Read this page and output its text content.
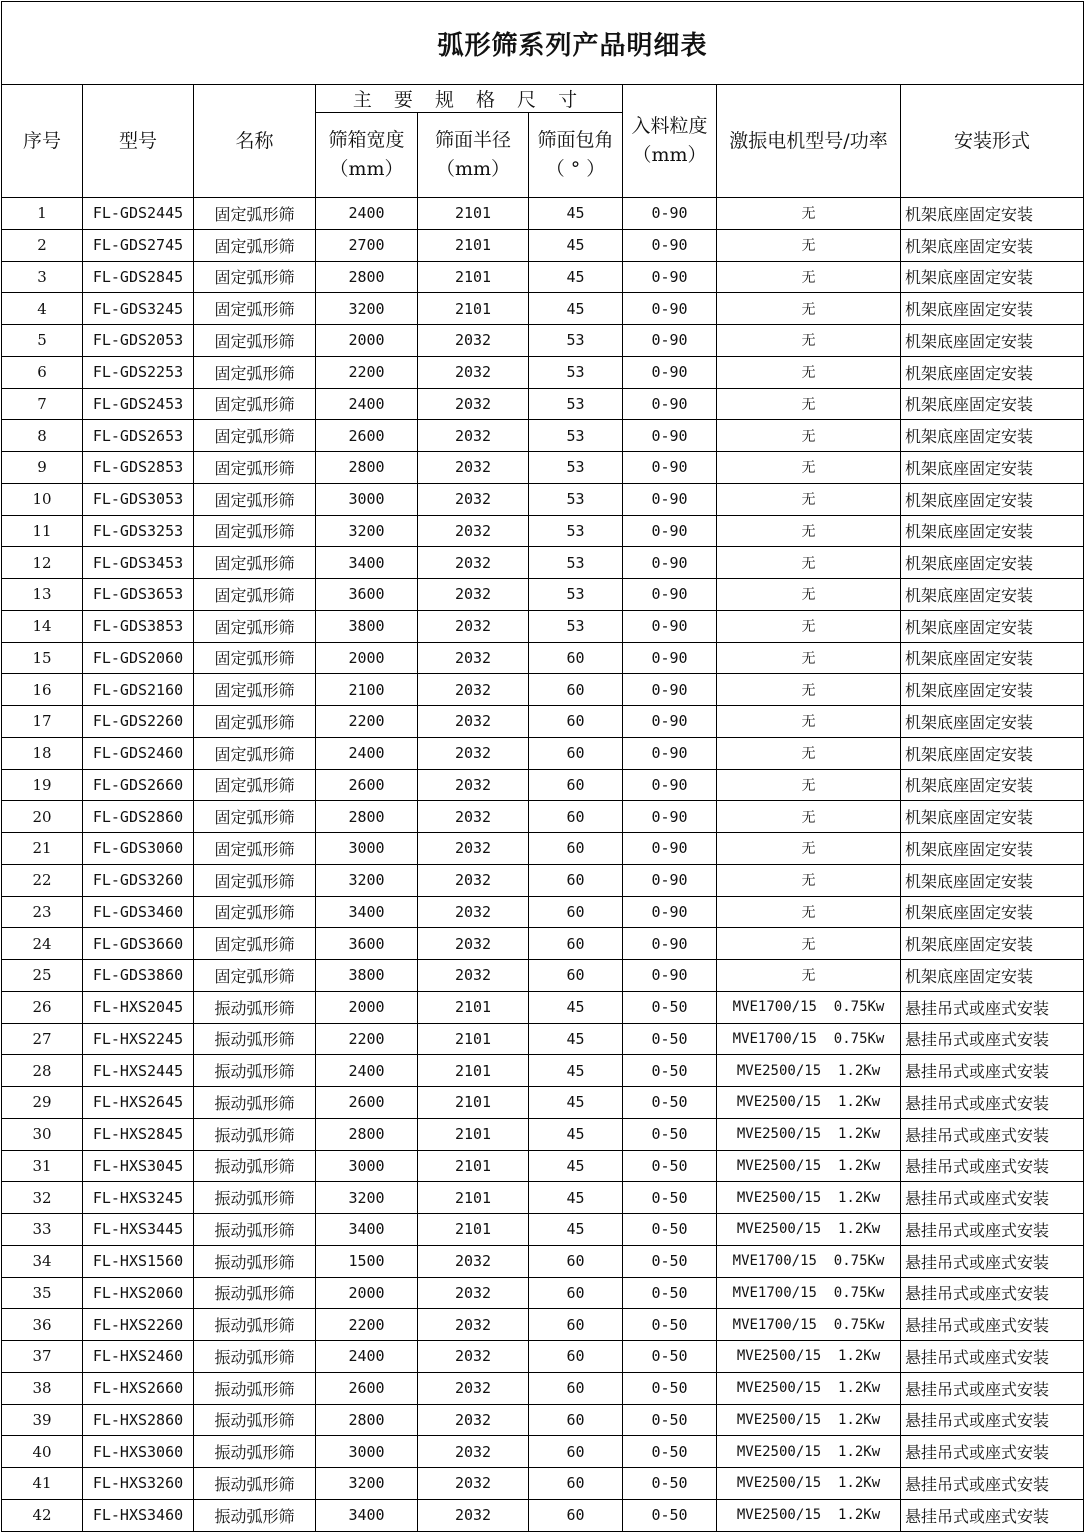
弧形筛系列产品明细表								
序号	型号	名称	主 要 规 格 尺 寸			入料粒度（mm）	激振电机型号/功率	安装形式
			筛箱宽度（mm）	筛面半径（mm）	筛面包角（ ° ）			
1	FL-GDS2445	固定弧形筛	2400	2101	45	0-90	无	机架底座固定安装
2	FL-GDS2745	固定弧形筛	2700	2101	45	0-90	无	机架底座固定安装
3	FL-GDS2845	固定弧形筛	2800	2101	45	0-90	无	机架底座固定安装
4	FL-GDS3245	固定弧形筛	3200	2101	45	0-90	无	机架底座固定安装
5	FL-GDS2053	固定弧形筛	2000	2032	53	0-90	无	机架底座固定安装
6	FL-GDS2253	固定弧形筛	2200	2032	53	0-90	无	机架底座固定安装
7	FL-GDS2453	固定弧形筛	2400	2032	53	0-90	无	机架底座固定安装
8	FL-GDS2653	固定弧形筛	2600	2032	53	0-90	无	机架底座固定安装
9	FL-GDS2853	固定弧形筛	2800	2032	53	0-90	无	机架底座固定安装
10	FL-GDS3053	固定弧形筛	3000	2032	53	0-90	无	机架底座固定安装
11	FL-GDS3253	固定弧形筛	3200	2032	53	0-90	无	机架底座固定安装
12	FL-GDS3453	固定弧形筛	3400	2032	53	0-90	无	机架底座固定安装
13	FL-GDS3653	固定弧形筛	3600	2032	53	0-90	无	机架底座固定安装
14	FL-GDS3853	固定弧形筛	3800	2032	53	0-90	无	机架底座固定安装
15	FL-GDS2060	固定弧形筛	2000	2032	60	0-90	无	机架底座固定安装
16	FL-GDS2160	固定弧形筛	2100	2032	60	0-90	无	机架底座固定安装
17	FL-GDS2260	固定弧形筛	2200	2032	60	0-90	无	机架底座固定安装
18	FL-GDS2460	固定弧形筛	2400	2032	60	0-90	无	机架底座固定安装
19	FL-GDS2660	固定弧形筛	2600	2032	60	0-90	无	机架底座固定安装
20	FL-GDS2860	固定弧形筛	2800	2032	60	0-90	无	机架底座固定安装
21	FL-GDS3060	固定弧形筛	3000	2032	60	0-90	无	机架底座固定安装
22	FL-GDS3260	固定弧形筛	3200	2032	60	0-90	无	机架底座固定安装
23	FL-GDS3460	固定弧形筛	3400	2032	60	0-90	无	机架底座固定安装
24	FL-GDS3660	固定弧形筛	3600	2032	60	0-90	无	机架底座固定安装
25	FL-GDS3860	固定弧形筛	3800	2032	60	0-90	无	机架底座固定安装
26	FL-HXS2045	振动弧形筛	2000	2101	45	0-50	MVE1700/15  0.75Kw	悬挂吊式或座式安装
27	FL-HXS2245	振动弧形筛	2200	2101	45	0-50	MVE1700/15  0.75Kw	悬挂吊式或座式安装
28	FL-HXS2445	振动弧形筛	2400	2101	45	0-50	MVE2500/15  1.2Kw	悬挂吊式或座式安装
29	FL-HXS2645	振动弧形筛	2600	2101	45	0-50	MVE2500/15  1.2Kw	悬挂吊式或座式安装
30	FL-HXS2845	振动弧形筛	2800	2101	45	0-50	MVE2500/15  1.2Kw	悬挂吊式或座式安装
31	FL-HXS3045	振动弧形筛	3000	2101	45	0-50	MVE2500/15  1.2Kw	悬挂吊式或座式安装
32	FL-HXS3245	振动弧形筛	3200	2101	45	0-50	MVE2500/15  1.2Kw	悬挂吊式或座式安装
33	FL-HXS3445	振动弧形筛	3400	2101	45	0-50	MVE2500/15  1.2Kw	悬挂吊式或座式安装
34	FL-HXS1560	振动弧形筛	1500	2032	60	0-50	MVE1700/15  0.75Kw	悬挂吊式或座式安装
35	FL-HXS2060	振动弧形筛	2000	2032	60	0-50	MVE1700/15  0.75Kw	悬挂吊式或座式安装
36	FL-HXS2260	振动弧形筛	2200	2032	60	0-50	MVE1700/15  0.75Kw	悬挂吊式或座式安装
37	FL-HXS2460	振动弧形筛	2400	2032	60	0-50	MVE2500/15  1.2Kw	悬挂吊式或座式安装
38	FL-HXS2660	振动弧形筛	2600	2032	60	0-50	MVE2500/15  1.2Kw	悬挂吊式或座式安装
39	FL-HXS2860	振动弧形筛	2800	2032	60	0-50	MVE2500/15  1.2Kw	悬挂吊式或座式安装
40	FL-HXS3060	振动弧形筛	3000	2032	60	0-50	MVE2500/15  1.2Kw	悬挂吊式或座式安装
41	FL-HXS3260	振动弧形筛	3200	2032	60	0-50	MVE2500/15  1.2Kw	悬挂吊式或座式安装
42	FL-HXS3460	振动弧形筛	3400	2032	60	0-50	MVE2500/15  1.2Kw	悬挂吊式或座式安装
